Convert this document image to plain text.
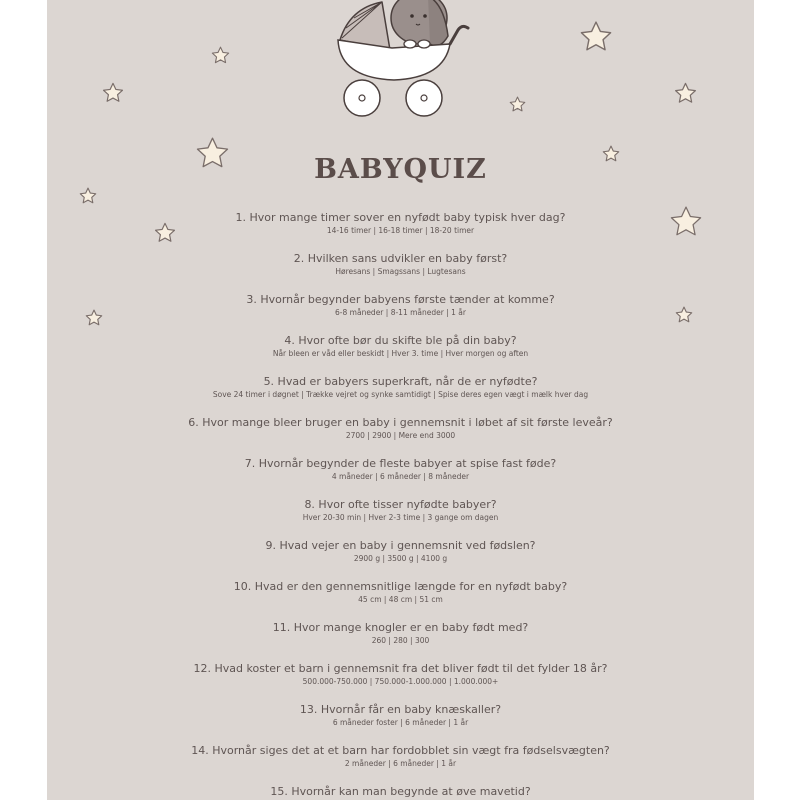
BABYQUIZ
1. Hvor mange timer sover en nyfødt baby typisk hver dag?
14-16 timer | 16-18 timer | 18-20 timer
2. Hvilken sans udvikler en baby først?
Høresans | Smagssans | Lugtesans
3. Hvornår begynder babyens første tænder at komme?
6-8 måneder | 8-11 måneder | 1 år
4. Hvor ofte bør du skifte ble på din baby?
Når bleen er våd eller beskidt | Hver 3. time | Hver morgen og aften
5. Hvad er babyers superkraft, når de er nyfødte?
Sove 24 timer i døgnet | Trække vejret og synke samtidigt | Spise deres egen vægt i mælk hver dag
6. Hvor mange bleer bruger en baby i gennemsnit i løbet af sit første leveår?
2700 | 2900 | Mere end 3000
7. Hvornår begynder de fleste babyer at spise fast føde?
4 måneder | 6 måneder | 8 måneder
8. Hvor ofte tisser nyfødte babyer?
Hver 20-30 min | Hver 2-3 time | 3 gange om dagen
9. Hvad vejer en baby i gennemsnit ved fødslen?
2900 g | 3500 g | 4100 g
10. Hvad er den gennemsnitlige længde for en nyfødt baby?
45 cm | 48 cm | 51 cm
11. Hvor mange knogler er en baby født med?
260 | 280 | 300
12. Hvad koster et barn i gennemsnit fra det bliver født til det fylder 18 år?
500.000-750.000 | 750.000-1.000.000 | 1.000.000+
13. Hvornår får en baby knæskaller?
6 måneder foster | 6 måneder | 1 år
14. Hvornår siges det at et barn har fordobblet sin vægt fra fødselsvægten?
2 måneder | 6 måneder | 1 år
15. Hvornår kan man begynde at øve mavetid?
